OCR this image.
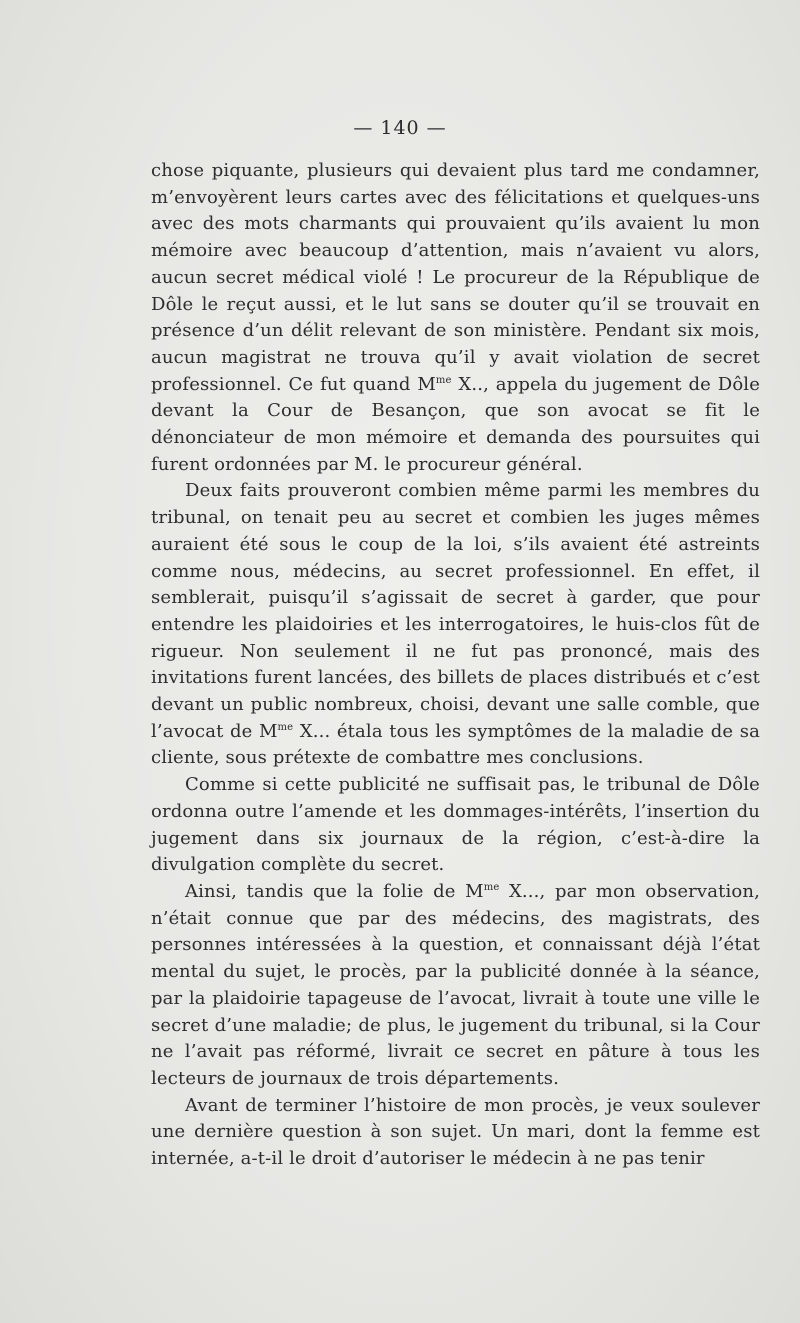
— 140 —

chose piquante, plusieurs qui devaient plus tard me condamner, m’envoyèrent leurs cartes avec des félicitations et quelques-uns avec des mots charmants qui prouvaient qu’ils avaient lu mon mémoire avec beaucoup d’attention, mais n’avaient vu alors, aucun secret médical violé ! Le procureur de la République de Dôle le reçut aussi, et le lut sans se douter qu’il se trouvait en présence d’un délit relevant de son ministère. Pendant six mois, aucun magistrat ne trouva qu’il y avait violation de secret professionnel. Ce fut quand $M^{me}$ X.., appela du jugement de Dôle devant la Cour de Besançon, que son avocat se fit le dénonciateur de mon mémoire et demanda des poursuites qui furent ordonnées par M. le procureur général.

Deux faits prouveront combien même parmi les membres du tribunal, on tenait peu au secret et combien les juges mêmes auraient été sous le coup de la loi, s’ils avaient été astreints comme nous, médecins, au secret professionnel. En effet, il semblerait, puisqu’il s’agissait de secret à garder, que pour entendre les plaidoiries et les interrogatoires, le huis-clos fût de rigueur. Non seulement il ne fut pas prononcé, mais des invitations furent lancées, des billets de places distribués et c’est devant un public nombreux, choisi, devant une salle comble, que l’avocat de $M^{me}$ X... étala tous les symptômes de la maladie de sa cliente, sous prétexte de combattre mes conclusions.

Comme si cette publicité ne suffisait pas, le tribunal de Dôle ordonna outre l’amende et les dommages-intérêts, l’insertion du jugement dans six journaux de la région, c’est-à-dire la divulgation complète du secret.

Ainsi, tandis que la folie de $M^{me}$ X..., par mon observation, n’était connue que par des médecins, des magistrats, des personnes intéressées à la question, et connaissant déjà l’état mental du sujet, le procès, par la publicité donnée à la séance, par la plaidoirie tapageuse de l’avocat, livrait à toute une ville le secret d’une maladie; de plus, le jugement du tribunal, si la Cour ne l’avait pas réformé, livrait ce secret en pâture à tous les lecteurs de journaux de trois départements.

Avant de terminer l’histoire de mon procès, je veux soulever une dernière question à son sujet. Un mari, dont la femme est internée, a-t-il le droit d’autoriser le médecin à ne pas tenir
